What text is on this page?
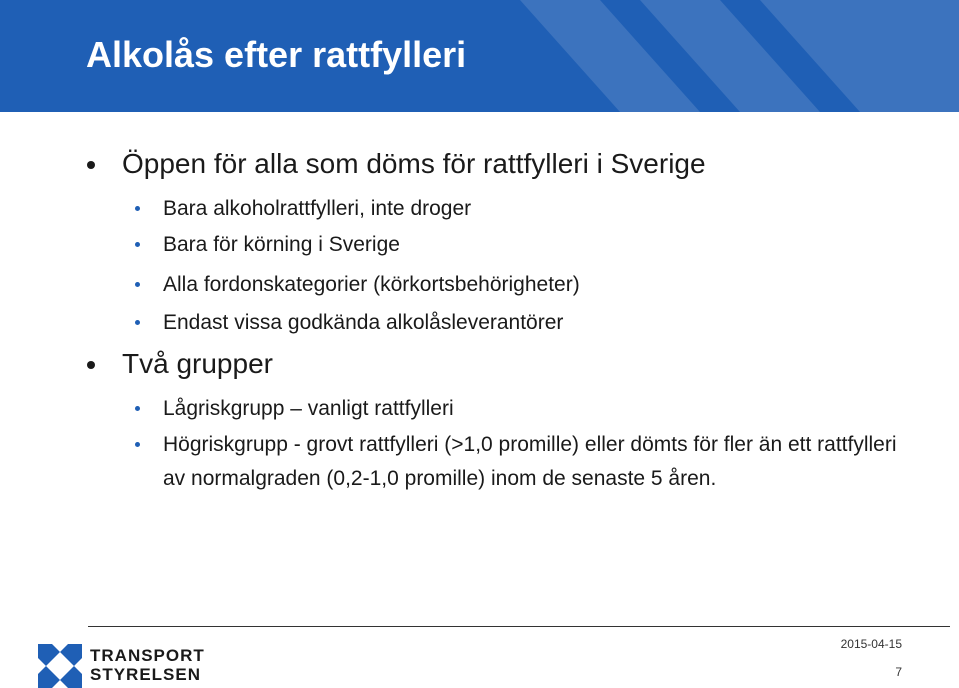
Alkolås efter rattfylleri
Öppen för alla som döms för rattfylleri i Sverige
Bara alkoholrattfylleri, inte droger
Bara för körning i Sverige
Alla fordonskategorier (körkortsbehörigheter)
Endast vissa godkända alkolåsleverantörer
Två grupper
Lågriskgrupp – vanligt rattfylleri
Högriskgrupp - grovt rattfylleri (>1,0 promille) eller dömts för fler än ett rattfylleri av normalgraden (0,2-1,0 promille) inom de senaste 5 åren.
TRANSPORT
STYRELSEN
2015-04-15
7
